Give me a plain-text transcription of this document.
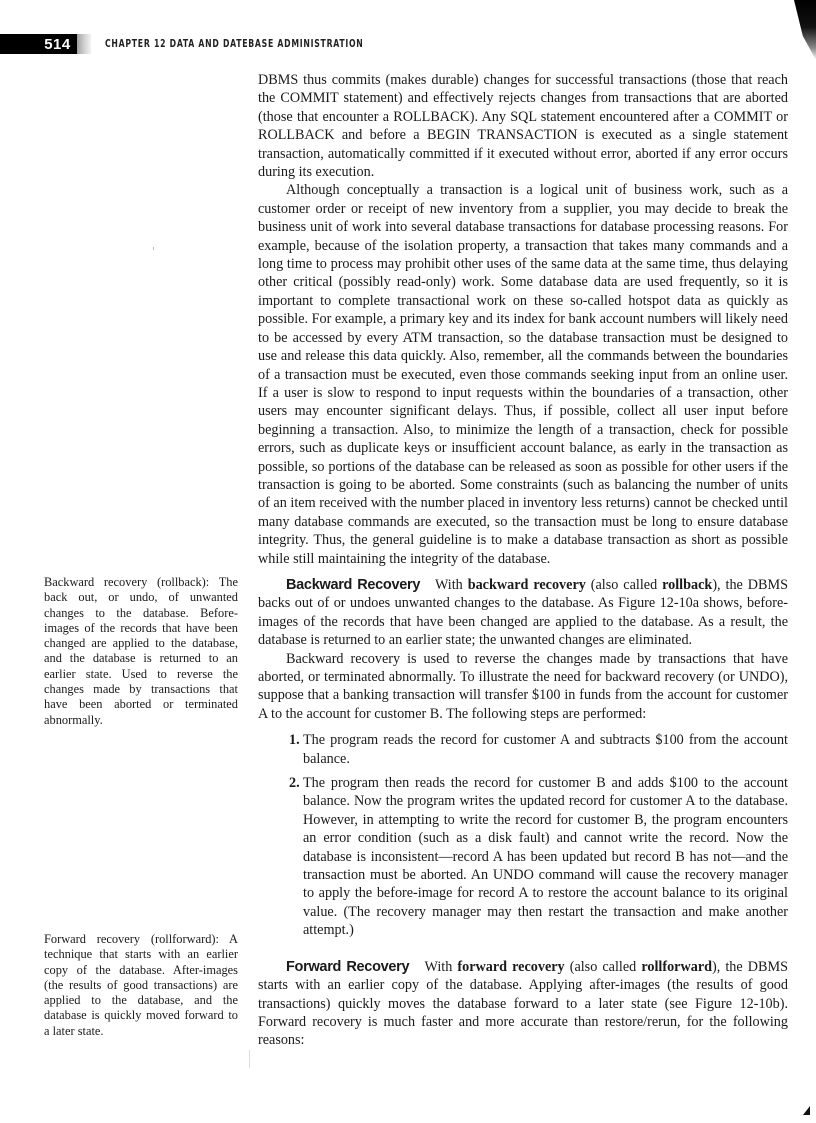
514	CHAPTER 12 DATA AND DATEBASE ADMINISTRATION

DBMS thus commits (makes durable) changes for successful transactions (those that reach the COMMIT statement) and effectively rejects changes from transactions that are aborted (those that encounter a ROLLBACK). Any SQL statement encountered after a COMMIT or ROLLBACK and before a BEGIN TRANSACTION is executed as a single statement transaction, automatically committed if it executed without error, aborted if any error occurs during its execution.

Although conceptually a transaction is a logical unit of business work, such as a customer order or receipt of new inventory from a supplier, you may decide to break the business unit of work into several database transactions for database processing reasons. For example, because of the isolation property, a transaction that takes many commands and a long time to process may prohibit other uses of the same data at the same time, thus delaying other critical (possibly read-only) work. Some database data are used frequently, so it is important to complete transactional work on these so-called hotspot data as quickly as possible. For example, a primary key and its index for bank account numbers will likely need to be accessed by every ATM transaction, so the database transaction must be designed to use and release this data quickly. Also, remember, all the commands between the boundaries of a transaction must be executed, even those commands seeking input from an online user. If a user is slow to respond to input requests within the boundaries of a transaction, other users may encounter significant delays. Thus, if possible, collect all user input before beginning a transaction. Also, to minimize the length of a transaction, check for possible errors, such as duplicate keys or insufficient account balance, as early in the transaction as possible, so portions of the database can be released as soon as possible for other users if the transaction is going to be aborted. Some constraints (such as balancing the number of units of an item received with the number placed in inventory less returns) cannot be checked until many database commands are executed, so the transaction must be long to ensure database integrity. Thus, the general guideline is to make a database transaction as short as possible while still maintaining the integrity of the database.

Backward Recovery With backward recovery (also called rollback), the DBMS backs out of or undoes unwanted changes to the database. As Figure 12-10a shows, before-images of the records that have been changed are applied to the database. As a result, the database is returned to an earlier state; the unwanted changes are eliminated.

Backward recovery is used to reverse the changes made by transactions that have aborted, or terminated abnormally. To illustrate the need for backward recovery (or UNDO), suppose that a banking transaction will transfer $100 in funds from the account for customer A to the account for customer B. The following steps are performed:

1. The program reads the record for customer A and subtracts $100 from the account balance.
2. The program then reads the record for customer B and adds $100 to the account balance. Now the program writes the updated record for customer A to the database. However, in attempting to write the record for customer B, the program encounters an error condition (such as a disk fault) and cannot write the record. Now the database is inconsistent—record A has been updated but record B has not—and the transaction must be aborted. An UNDO command will cause the recovery manager to apply the before-image for record A to restore the account balance to its original value. (The recovery manager may then restart the transaction and make another attempt.)

Forward Recovery With forward recovery (also called rollforward), the DBMS starts with an earlier copy of the database. Applying after-images (the results of good transactions) quickly moves the database forward to a later state (see Figure 12-10b). Forward recovery is much faster and more accurate than restore/rerun, for the following reasons:

Backward recovery (rollback): The back out, or undo, of unwanted changes to the database. Before-images of the records that have been changed are applied to the database, and the database is returned to an earlier state. Used to reverse the changes made by transactions that have been aborted or terminated abnormally.
Forward recovery (rollforward): A technique that starts with an earlier copy of the database. After-images (the results of good transactions) are applied to the database, and the database is quickly moved forward to a later state.
